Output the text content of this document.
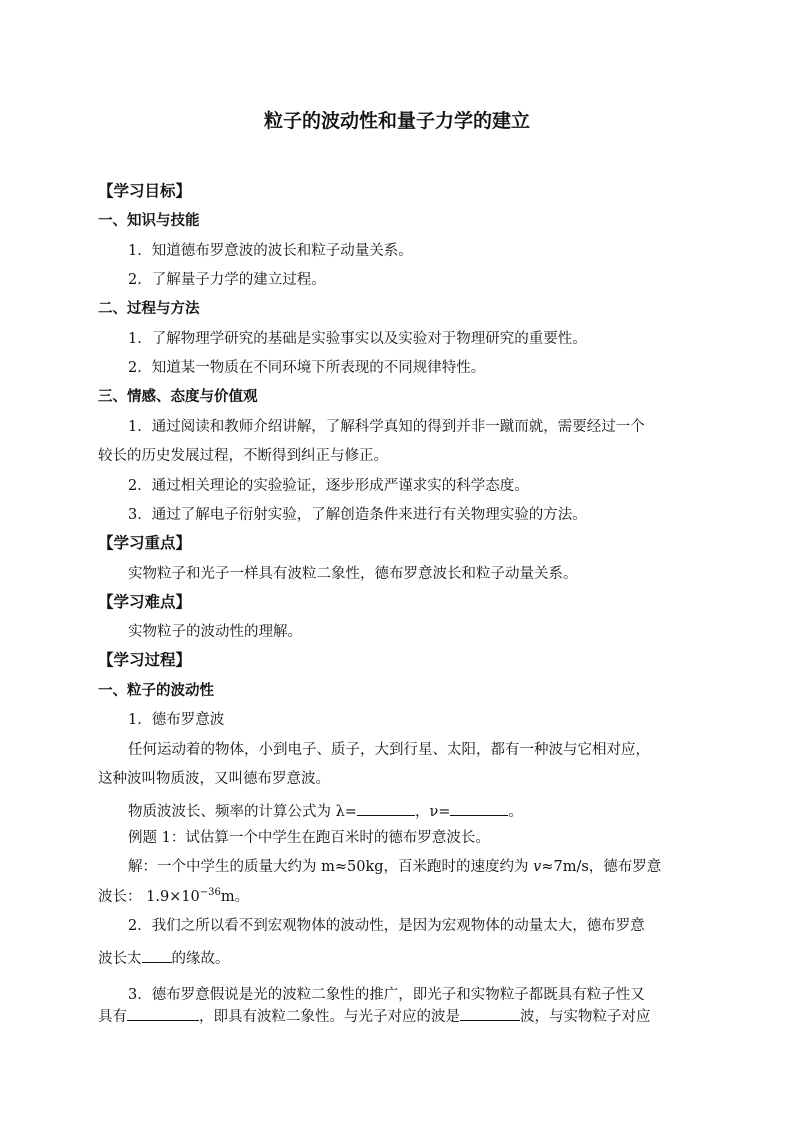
粒子的波动性和量子力学的建立
【学习目标】
一、知识与技能
1．知道德布罗意波的波长和粒子动量关系。
2．了解量子力学的建立过程。
二、过程与方法
1．了解物理学研究的基础是实验事实以及实验对于物理研究的重要性。
2．知道某一物质在不同环境下所表现的不同规律特性。
三、情感、态度与价值观
1．通过阅读和教师介绍讲解，了解科学真知的得到并非一蹴而就，需要经过一个
较长的历史发展过程，不断得到纠正与修正。
2．通过相关理论的实验验证，逐步形成严谨求实的科学态度。
3．通过了解电子衍射实验，了解创造条件来进行有关物理实验的方法。
【学习重点】
实物粒子和光子一样具有波粒二象性，德布罗意波长和粒子动量关系。
【学习难点】
实物粒子的波动性的理解。
【学习过程】
一、粒子的波动性
1．德布罗意波
任何运动着的物体，小到电子、质子，大到行星、太阳，都有一种波与它相对应，
这种波叫物质波，又叫德布罗意波。
物质波波长、频率的计算公式为 λ=	，ν=	。
例题 1：试估算一个中学生在跑百米时的德布罗意波长。
解：一个中学生的质量大约为 m≈50kg，百米跑时的速度约为 v≈7m/s，德布罗意
波长： $1.9\times 10^{-36}m$。
2．我们之所以看不到宏观物体的波动性，是因为宏观物体的动量太大，德布罗意
波长太 的缘故。
3．德布罗意假说是光的波粒二象性的推广，即光子和实物粒子都既具有粒子性又
具有	，即具有波粒二象性。与光子对应的波是	波，与实物粒子对应
